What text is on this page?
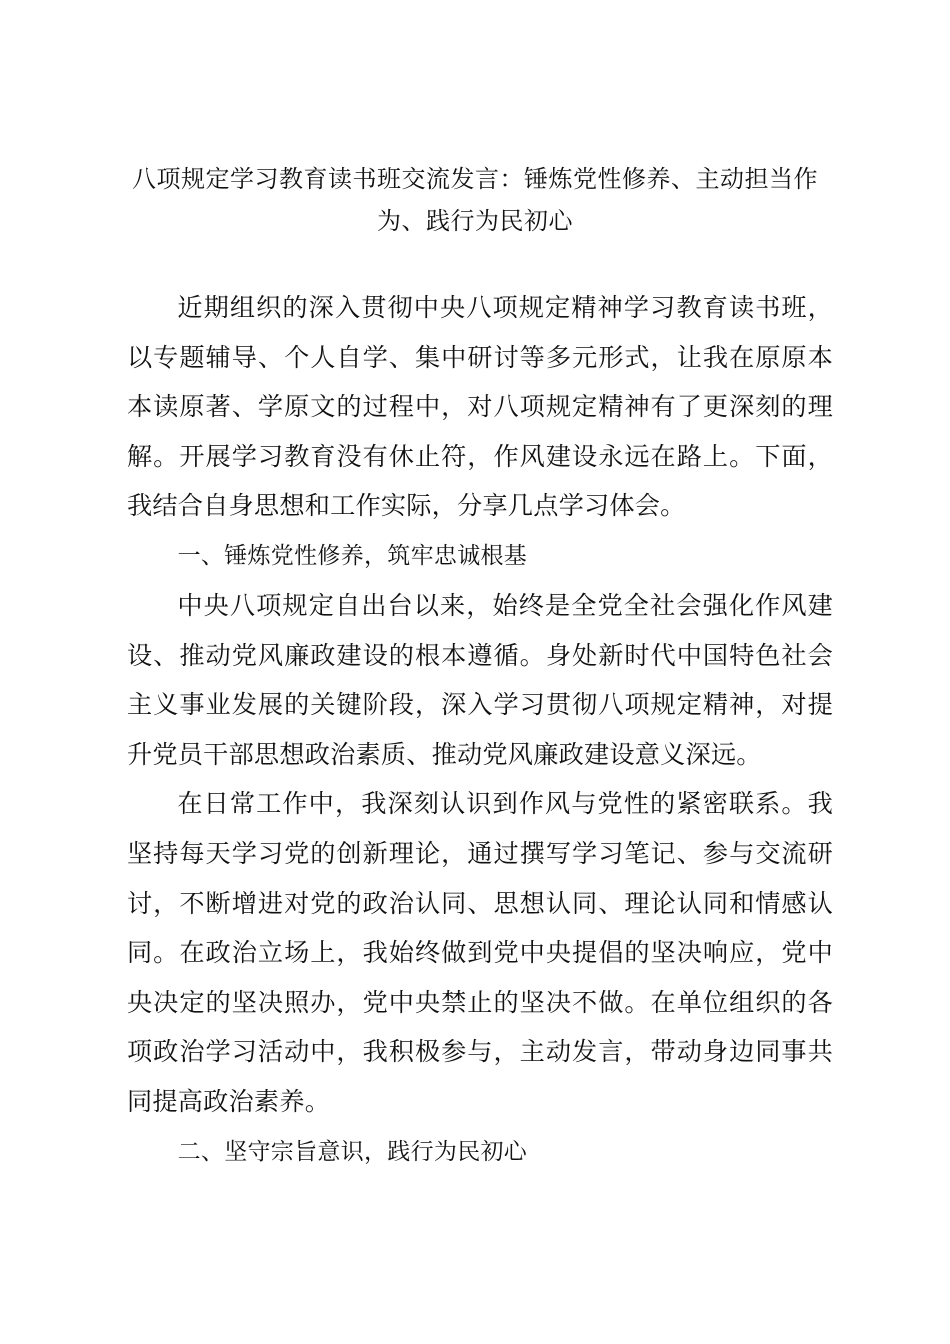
八项规定学习教育读书班交流发言：锤炼党性修养、主动担当作为、践行为民初心

近期组织的深入贯彻中央八项规定精神学习教育读书班，以专题辅导、个人自学、集中研讨等多元形式，让我在原原本本读原著、学原文的过程中，对八项规定精神有了更深刻的理解。开展学习教育没有休止符，作风建设永远在路上。下面，我结合自身思想和工作实际，分享几点学习体会。

一、锤炼党性修养，筑牢忠诚根基

中央八项规定自出台以来，始终是全党全社会强化作风建设、推动党风廉政建设的根本遵循。身处新时代中国特色社会主义事业发展的关键阶段，深入学习贯彻八项规定精神，对提升党员干部思想政治素质、推动党风廉政建设意义深远。

在日常工作中，我深刻认识到作风与党性的紧密联系。我坚持每天学习党的创新理论，通过撰写学习笔记、参与交流研讨，不断增进对党的政治认同、思想认同、理论认同和情感认同。在政治立场上，我始终做到党中央提倡的坚决响应，党中央决定的坚决照办，党中央禁止的坚决不做。在单位组织的各项政治学习活动中，我积极参与，主动发言，带动身边同事共同提高政治素养。

二、坚守宗旨意识，践行为民初心
